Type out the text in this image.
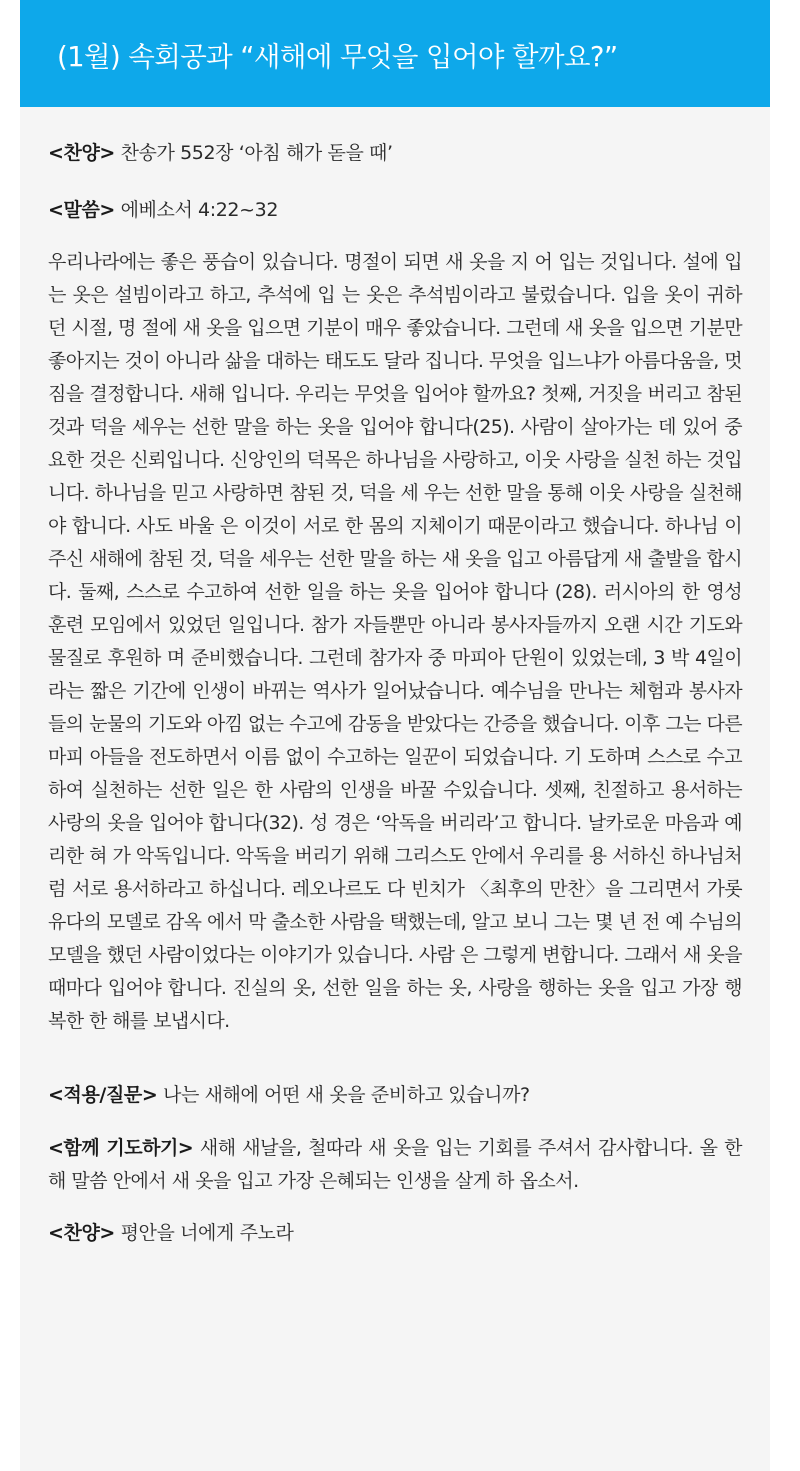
(1월) 속회공과 “새해에 무엇을 입어야 할까요?”
<찬양> 찬송가 552장 ‘아침 해가 돋을 때’
<말씀> 에베소서 4:22~32
우리나라에는 좋은 풍습이 있습니다. 명절이 되면 새 옷을 지 어 입는 것입니다. 설에 입는 옷은 설빔이라고 하고, 추석에 입 는 옷은 추석빔이라고 불렀습니다. 입을 옷이 귀하던 시절, 명 절에 새 옷을 입으면 기분이 매우 좋았습니다. 그런데 새 옷을 입으면 기분만 좋아지는 것이 아니라 삶을 대하는 태도도 달라 집니다. 무엇을 입느냐가 아름다움을, 멋짐을 결정합니다. 새해 입니다. 우리는 무엇을 입어야 할까요? 첫째, 거짓을 버리고 참된 것과 덕을 세우는 선한 말을 하는 옷을 입어야 합니다(25). 사람이 살아가는 데 있어 중요한 것은 신뢰입니다. 신앙인의 덕목은 하나님을 사랑하고, 이웃 사랑을 실천 하는 것입니다. 하나님을 믿고 사랑하면 참된 것, 덕을 세 우는 선한 말을 통해 이웃 사랑을 실천해야 합니다. 사도 바울 은 이것이 서로 한 몸의 지체이기 때문이라고 했습니다. 하나님 이 주신 새해에 참된 것, 덕을 세우는 선한 말을 하는 새 옷을 입고 아름답게 새 출발을 합시다. 둘째, 스스로 수고하여 선한 일을 하는 옷을 입어야 합니다 (28). 러시아의 한 영성 훈련 모임에서 있었던 일입니다. 참가 자들뿐만 아니라 봉사자들까지 오랜 시간 기도와 물질로 후원하 며 준비했습니다. 그런데 참가자 중 마피아 단원이 있었는데, 3 박 4일이라는 짧은 기간에 인생이 바뀌는 역사가 일어났습니다. 예수님을 만나는 체험과 봉사자들의 눈물의 기도와 아낌 없는 수고에 감동을 받았다는 간증을 했습니다. 이후 그는 다른 마피 아들을 전도하면서 이름 없이 수고하는 일꾼이 되었습니다. 기 도하며 스스로 수고하여 실천하는 선한 일은 한 사람의 인생을 바꿀 수있습니다. 셋째, 친절하고 용서하는 사랑의 옷을 입어야 합니다(32). 성 경은 ‘악독을 버리라’고 합니다. 날카로운 마음과 예리한 혀 가 악독입니다. 악독을 버리기 위해 그리스도 안에서 우리를 용 서하신 하나님처럼 서로 용서하라고 하십니다. 레오나르도 다 빈치가 〈최후의 만찬〉을 그리면서 가롯 유다의 모델로 감옥 에서 막 출소한 사람을 택했는데, 알고 보니 그는 몇 년 전 예 수님의 모델을 했던 사람이었다는 이야기가 있습니다. 사람 은 그렇게 변합니다. 그래서 새 옷을 때마다 입어야 합니다. 진실의 옷, 선한 일을 하는 옷, 사랑을 행하는 옷을 입고 가장 행복한 한 해를 보냅시다.
<적용/질문> 나는 새해에 어떤 새 옷을 준비하고 있습니까?
<함께 기도하기> 새해 새날을, 철따라 새 옷을 입는 기회를 주셔서 감사합니다. 올 한 해 말씀 안에서 새 옷을 입고 가장 은혜되는 인생을 살게 하 옵소서.
<찬양> 평안을 너에게 주노라
